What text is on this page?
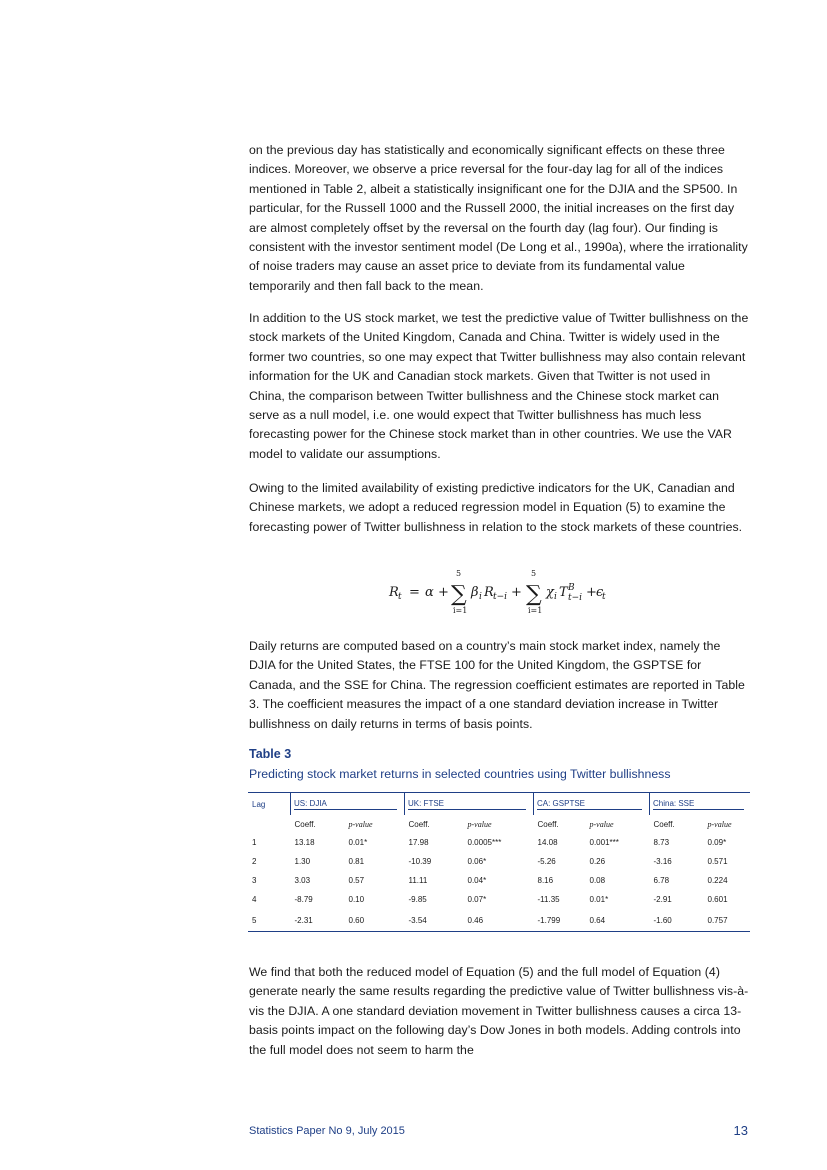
on the previous day has statistically and economically significant effects on these three indices. Moreover, we observe a price reversal for the four-day lag for all of the indices mentioned in Table 2, albeit a statistically insignificant one for the DJIA and the SP500. In particular, for the Russell 1000 and the Russell 2000, the initial increases on the first day are almost completely offset by the reversal on the fourth day (lag four). Our finding is consistent with the investor sentiment model (De Long et al., 1990a), where the irrationality of noise traders may cause an asset price to deviate from its fundamental value temporarily and then fall back to the mean.

In addition to the US stock market, we test the predictive value of Twitter bullishness on the stock markets of the United Kingdom, Canada and China. Twitter is widely used in the former two countries, so one may expect that Twitter bullishness may also contain relevant information for the UK and Canadian stock markets. Given that Twitter is not used in China, the comparison between Twitter bullishness and the Chinese stock market can serve as a null model, i.e. one would expect that Twitter bullishness has much less forecasting power for the Chinese stock market than in other countries. We use the VAR model to validate our assumptions.

Owing to the limited availability of existing predictive indicators for the UK, Canadian and Chinese markets, we adopt a reduced regression model in Equation (5) to examine the forecasting power of Twitter bullishness in relation to the stock markets of these countries.

R t = α +
5
∑
i=1
β i R t−i +
5
∑
i=1
χ i T B
t−i + ϵ
t

Daily returns are computed based on a country’s main stock market index, namely the DJIA for the United States, the FTSE 100 for the United Kingdom, the GSPTSE for Canada, and the SSE for China. The regression coefficient estimates are reported in Table 3. The coefficient measures the impact of a one standard deviation increase in Twitter bullishness on daily returns in terms of basis points.

Table 3

Predicting stock market returns in selected countries using Twitter bullishness

Lag	US: DJIA		UK: FTSE		CA: GSPTSE		China: SSE	
	Coeff.	p-value	Coeff.	p-value	Coeff.	p-value	Coeff.	p-value
1	13.18	0.01*	17.98	0.0005***	14.08	0.001***	8.73	0.09*
2	1.30	0.81	-10.39	0.06*	-5.26	0.26	-3.16	0.571
3	3.03	0.57	11.11	0.04*	8.16	0.08	6.78	0.224
4	-8.79	0.10	-9.85	0.07*	-11.35	0.01*	-2.91	0.601
5	-2.31	0.60	-3.54	0.46	-1.799	0.64	-1.60	0.757

We find that both the reduced model of Equation (5) and the full model of Equation (4) generate nearly the same results regarding the predictive value of Twitter bullishness vis-à-vis the DJIA. A one standard deviation movement in Twitter bullishness causes a circa 13-basis points impact on the following day’s Dow Jones in both models. Adding controls into the full model does not seem to harm the

Statistics Paper No 9, July 2015	13
